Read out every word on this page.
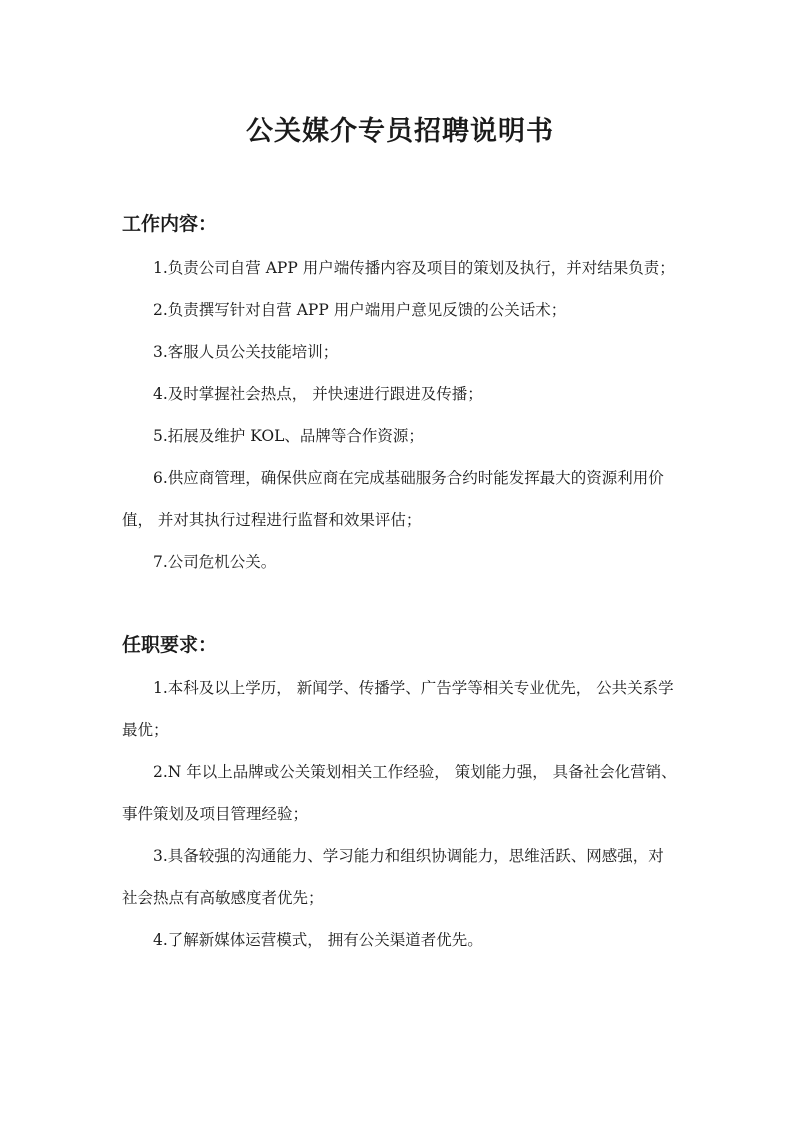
公关媒介专员招聘说明书
工作内容：
1.负责公司自营 APP 用户端传播内容及项目的策划及执行，并对结果负责；
2.负责撰写针对自营 APP 用户端用户意见反馈的公关话术；
3.客服人员公关技能培训；
4.及时掌握社会热点， 并快速进行跟进及传播；
5.拓展及维护 KOL、品牌等合作资源；
6.供应商管理，确保供应商在完成基础服务合约时能发挥最大的资源利用价
值， 并对其执行过程进行监督和效果评估；
7.公司危机公关。
任职要求：
1.本科及以上学历， 新闻学、传播学、广告学等相关专业优先， 公共关系学
最优；
2.N 年以上品牌或公关策划相关工作经验， 策划能力强， 具备社会化营销、
事件策划及项目管理经验；
3.具备较强的沟通能力、学习能力和组织协调能力，思维活跃、网感强，对
社会热点有高敏感度者优先；
4.了解新媒体运营模式， 拥有公关渠道者优先。
